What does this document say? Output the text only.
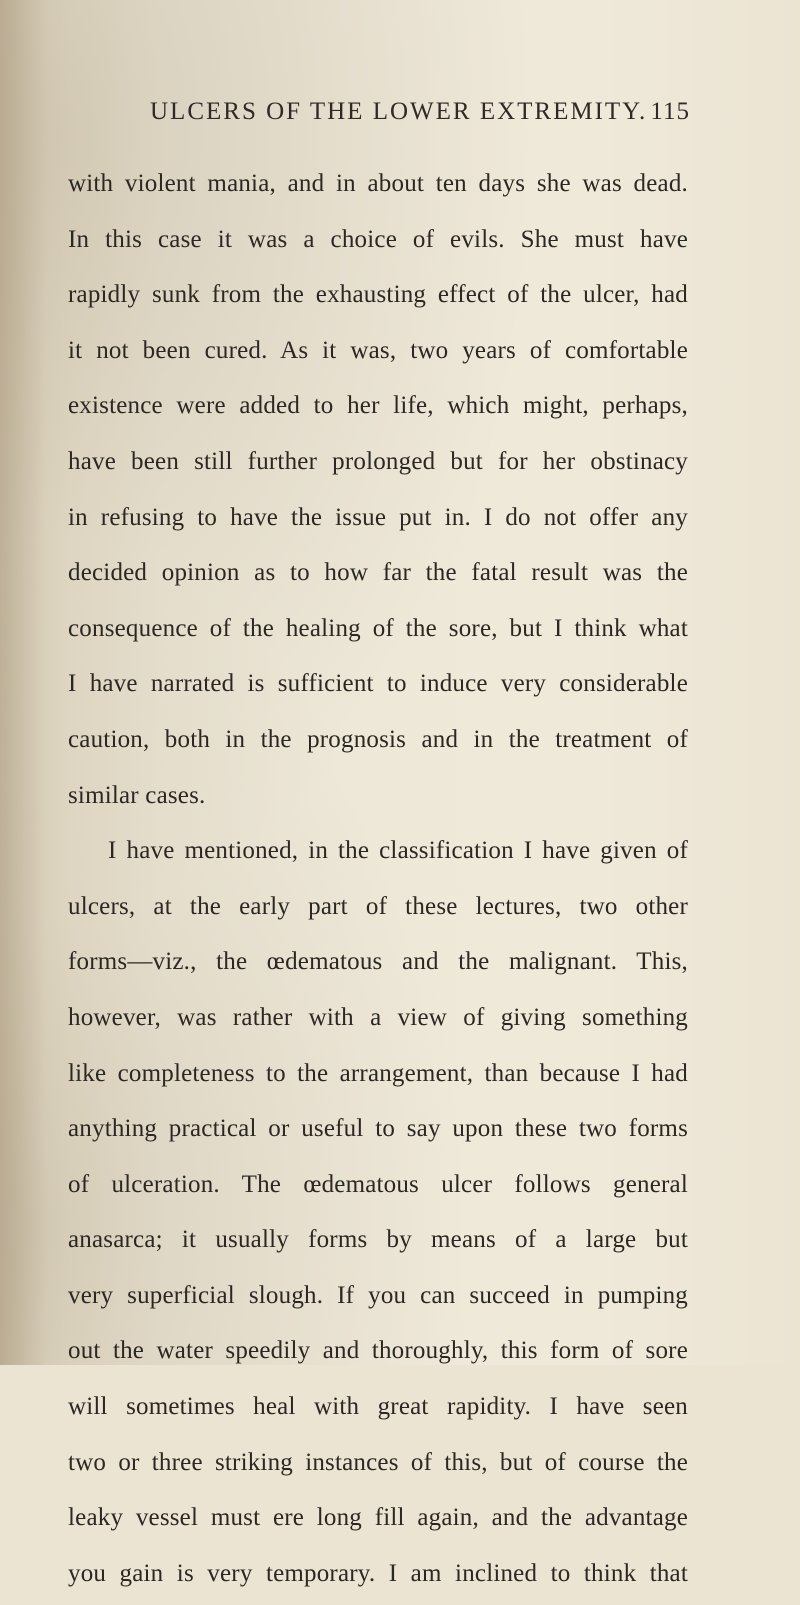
ULCERS OF THE LOWER EXTREMITY. 115
with violent mania, and in about ten days she was dead.
In this case it was a choice of evils. She must have
rapidly sunk from the exhausting effect of the ulcer, had
it not been cured. As it was, two years of comfortable
existence were added to her life, which might, perhaps,
have been still further prolonged but for her obstinacy
in refusing to have the issue put in. I do not offer any
decided opinion as to how far the fatal result was the
consequence of the healing of the sore, but I think what
I have narrated is sufficient to induce very considerable
caution, both in the prognosis and in the treatment of
similar cases.
I have mentioned, in the classification I have given of
ulcers, at the early part of these lectures, two other
forms—viz., the œdematous and the malignant. This,
however, was rather with a view of giving something
like completeness to the arrangement, than because I had
anything practical or useful to say upon these two forms
of ulceration. The œdematous ulcer follows general
anasarca; it usually forms by means of a large but
very superficial slough. If you can succeed in pumping
out the water speedily and thoroughly, this form of sore
will sometimes heal with great rapidity. I have seen
two or three striking instances of this, but of course the
leaky vessel must ere long fill again, and the advantage
you gain is very temporary. I am inclined to think that
